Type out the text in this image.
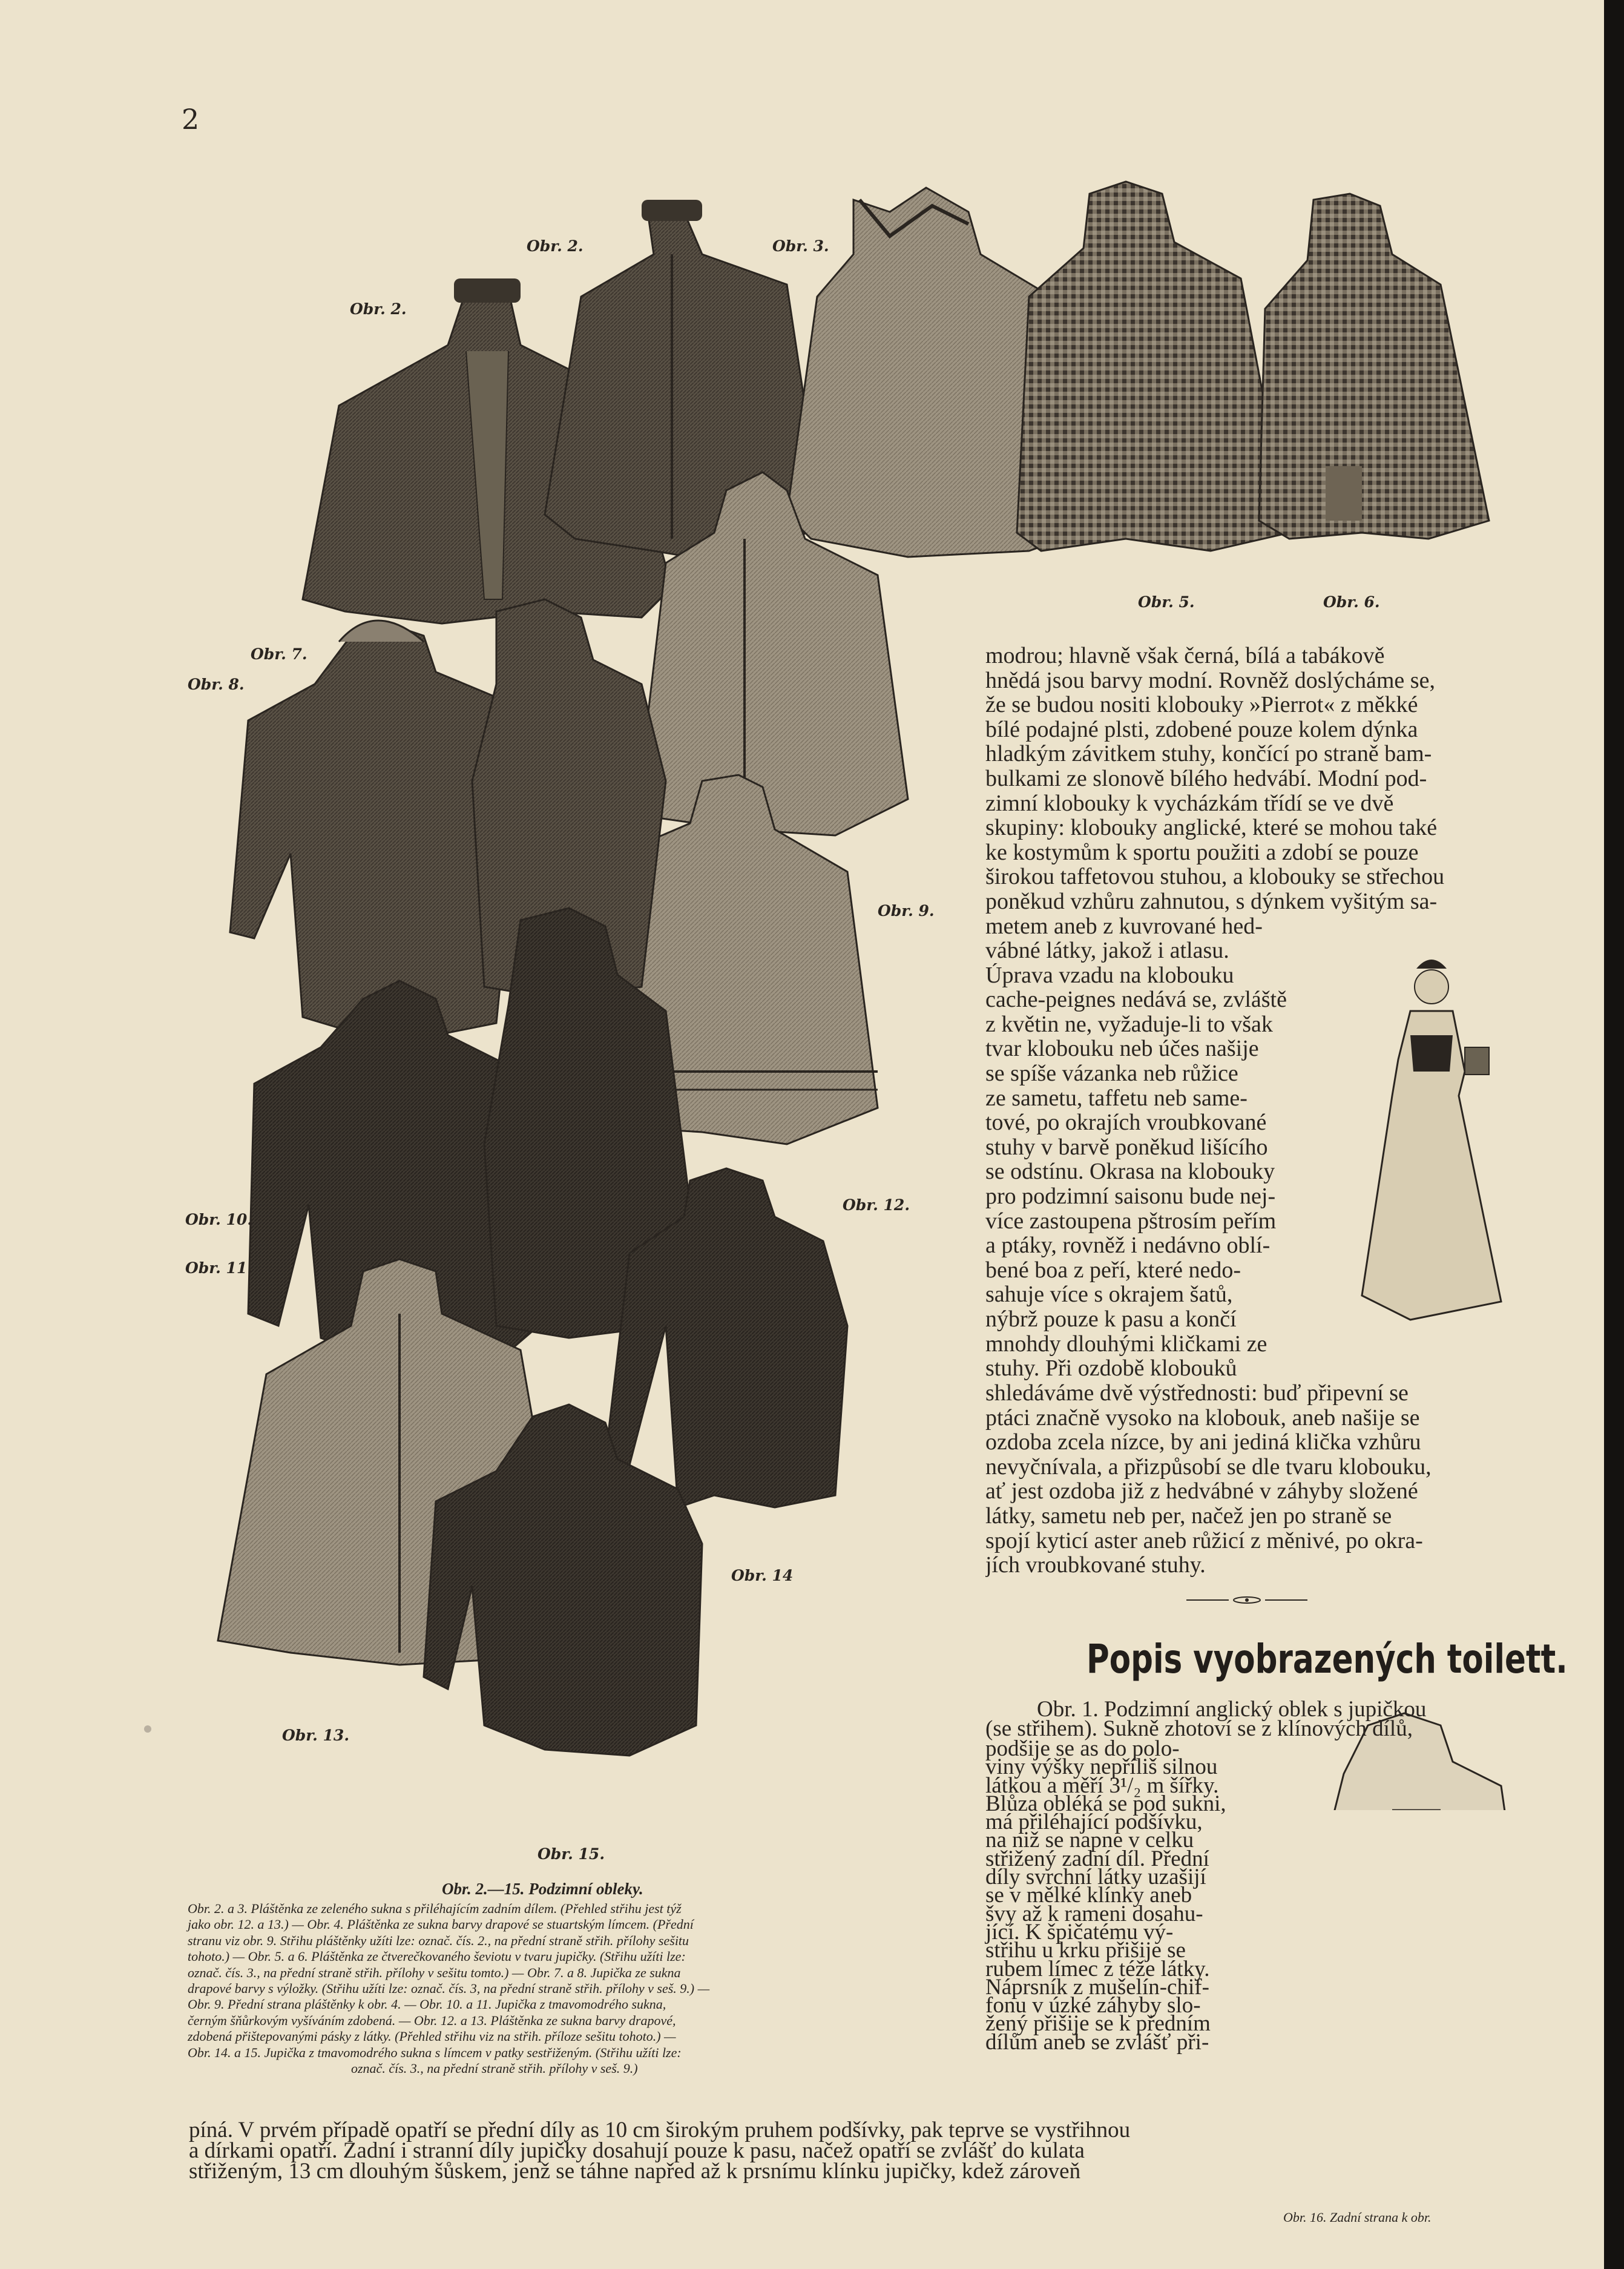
2
Obr. 2.
Obr. 2.
Obr. 3.
Obr. 5.	Obr. 6.
Obr. 7.
Obr. 8.
Obr. 9.
Obr. 10.
Obr. 11.
Obr. 12.
Obr. 13.
Obr. 14
Obr. 15.
modrou; hlavně však černá, bílá a tabákově
hnědá jsou barvy modní. Rovněž doslýcháme se,
že se budou nositi klobouky »Pierrot« z měkké
bílé podajné plsti, zdobené pouze kolem dýnka
hladkým závitkem stuhy, končící po straně bam-
bulkami ze slonově bílého hedvábí. Modní pod-
zimní klobouky k vycházkám třídí se ve dvě
skupiny: klobouky anglické, které se mohou také
ke kostymům k sportu použiti a zdobí se pouze
širokou taffetovou stuhou, a klobouky se střechou
poněkud vzhůru zahnutou, s dýnkem vyšitým sa-
metem aneb z kuvrované hed-
vábné látky, jakož i atlasu.
Úprava vzadu na klobouku
cache-peignes nedává se, zvláště
z květin ne, vyžaduje-li to však
tvar klobouku neb účes našije
se spíše vázanka neb růžice
ze sametu, taffetu neb same-
tové, po okrajích vroubkované
stuhy v barvě poněkud lišícího
se odstínu. Okrasa na klobouky
pro podzimní saisonu bude nej-
více zastoupena pštrosím peřím
a ptáky, rovněž i nedávno oblí-
bené boa z peří, které nedo-
sahuje více s okrajem šatů,
nýbrž pouze k pasu a končí
mnohdy dlouhými kličkami ze
stuhy. Při ozdobě klobouků
shledáváme dvě výstřednosti: buď připevní se
ptáci značně vysoko na klobouk, aneb našije se
ozdoba zcela nízce, by ani jediná klička vzhůru
nevyčnívala, a přizpůsobí se dle tvaru klobouku,
ať jest ozdoba již z hedvábné v záhyby složené
látky, sametu neb per, načež jen po straně se
spojí kyticí aster aneb růžicí z měnivé, po okra-
jích vroubkované stuhy.
Popis vyobrazených toilett.
Obr. 1. Podzimní anglický oblek s jupičkou
(se střihem). Sukně zhotoví se z klínových dílů,
podšije se as do polo-
viny výšky nepříliš silnou
látkou a měří 3¹/₂ m šířky.
Blůza obléká se pod sukni,
má přiléhající podšívku,
na niž se napne v celku
střižený zadní díl. Přední
díly svrchní látky uzašijí
se v mělké klínky aneb
švy až k rameni dosahu-
jící. K špičatému vý-
střihu u krku přišije se
rubem límec z téže látky.
Náprsník z mušelín-chif-
fonu v úzké záhyby slo-
žený přišije se k předním
dílům aneb se zvlášť při-
Obr. 2.—15. Podzimní obleky.
Obr. 2. a 3. Pláštěnka ze zeleného sukna s přiléhajícím zadním dílem. (Přehled střihu jest týž
jako obr. 12. a 13.) — Obr. 4. Pláštěnka ze sukna barvy drapové se stuartským límcem. (Přední
stranu viz obr. 9. Střihu pláštěnky užíti lze: označ. čís. 2., na přední straně střih. přílohy sešitu
tohoto.) — Obr. 5. a 6. Pláštěnka ze čtverečkovaného ševiotu v tvaru jupičky. (Střihu užíti lze:
označ. čís. 3., na přední straně střih. přílohy v sešitu tomto.) — Obr. 7. a 8. Jupička ze sukna
drapové barvy s výložky. (Střihu užíti lze: označ. čís. 3, na přední straně střih. přílohy v seš. 9.) —
Obr. 9. Přední strana pláštěnky k obr. 4. — Obr. 10. a 11. Jupička z tmavomodrého sukna,
černým šňůrkovým vyšíváním zdobená. — Obr. 12. a 13. Pláštěnka ze sukna barvy drapové,
zdobená přištepovanými pásky z látky. (Přehled střihu viz na střih. příloze sešitu tohoto.) —
Obr. 14. a 15. Jupička z tmavomodrého sukna s límcem v patky sestřiženým. (Střihu užíti lze:
označ. čís. 3., na přední straně střih. přílohy v seš. 9.)
píná. V prvém případě opatří se přední díly as 10 cm širokým pruhem podšívky, pak teprve se vystřihnou
a dírkami opatří. Zadní i stranní díly jupičky dosahují pouze k pasu, načež opatří se zvlášť do kulata
střiženým, 13 cm dlouhým šůskem, jenž se táhne napřed až k prsnímu klínku jupičky, kdež zároveň
Obr. 16. Zadní strana k obr.
